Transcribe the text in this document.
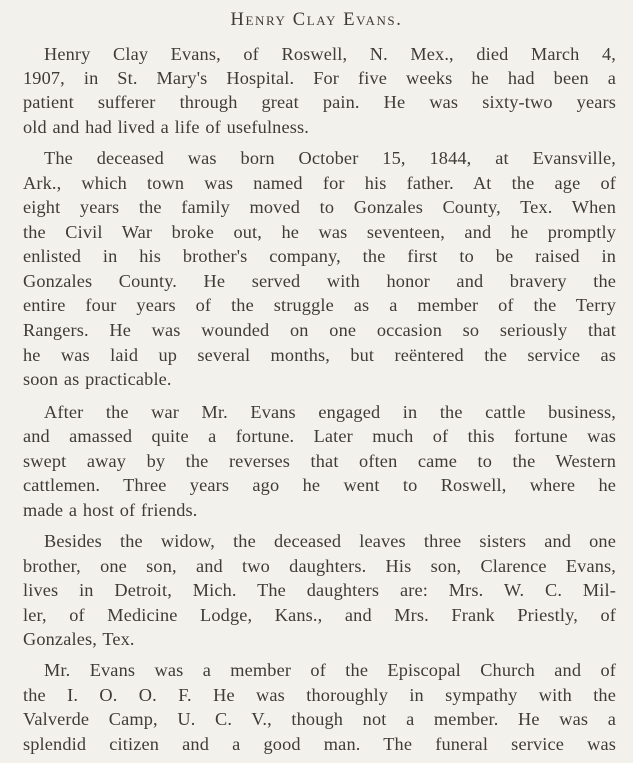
Henry Clay Evans.
Henry Clay Evans, of Roswell, N. Mex., died March 4,
1907, in St. Mary's Hospital. For five weeks he had been a
patient sufferer through great pain. He was sixty-two years
old and had lived a life of usefulness.
The deceased was born October 15, 1844, at Evansville,
Ark., which town was named for his father. At the age of
eight years the family moved to Gonzales County, Tex. When
the Civil War broke out, he was seventeen, and he promptly
enlisted in his brother's company, the first to be raised in
Gonzales County. He served with honor and bravery the
entire four years of the struggle as a member of the Terry
Rangers. He was wounded on one occasion so seriously that
he was laid up several months, but reëntered the service as
soon as practicable.
After the war Mr. Evans engaged in the cattle business,
and amassed quite a fortune. Later much of this fortune was
swept away by the reverses that often came to the Western
cattlemen. Three years ago he went to Roswell, where he
made a host of friends.
Besides the widow, the deceased leaves three sisters and one
brother, one son, and two daughters. His son, Clarence Evans,
lives in Detroit, Mich. The daughters are: Mrs. W. C. Mil-
ler, of Medicine Lodge, Kans., and Mrs. Frank Priestly, of
Gonzales, Tex.
Mr. Evans was a member of the Episcopal Church and of
the I. O. O. F. He was thoroughly in sympathy with the
Valverde Camp, U. C. V., though not a member. He was a
splendid citizen and a good man. The funeral service was
